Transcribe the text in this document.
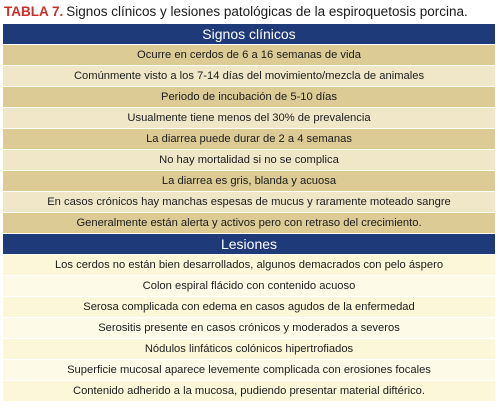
TABLA 7. Signos clínicos y lesiones patológicas de la espiroquetosis porcina.
Signos clínicos
Ocurre en cerdos de 6 a 16 semanas de vida
Comúnmente visto a los 7-14 días del movimiento/mezcla de animales
Periodo de incubación de 5-10 días
Usualmente tiene menos del 30% de prevalencia
La diarrea puede durar de 2 a 4 semanas
No hay mortalidad si no se complica
La diarrea es gris, blanda y acuosa
En casos crónicos hay manchas espesas de mucus y raramente moteado sangre
Generalmente están alerta y activos pero con retraso del crecimiento.
Lesiones
Los cerdos no están bien desarrollados, algunos demacrados con pelo áspero
Colon espiral flácido con contenido acuoso
Serosa complicada con edema en casos agudos de la enfermedad
Serositis presente en casos crónicos y moderados a severos
Nódulos linfáticos colónicos hipertrofiados
Superficie mucosal aparece levemente complicada con erosiones focales
Contenido adherido a la mucosa, pudiendo presentar material diftérico.
